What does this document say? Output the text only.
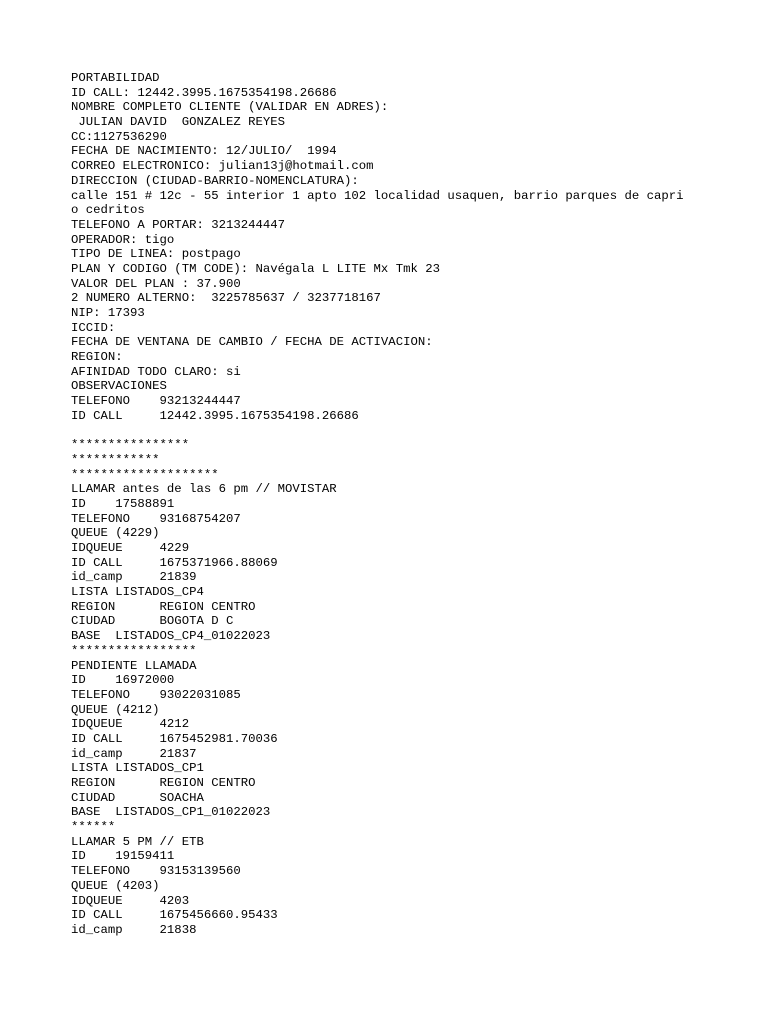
PORTABILIDAD
ID CALL: 12442.3995.1675354198.26686
NOMBRE COMPLETO CLIENTE (VALIDAR EN ADRES):
JULIAN DAVID  GONZALEZ REYES
CC:1127536290
FECHA DE NACIMIENTO: 12/JULIO/  1994
CORREO ELECTRONICO: julian13j@hotmail.com
DIRECCION (CIUDAD-BARRIO-NOMENCLATURA):
calle 151 # 12c - 55 interior 1 apto 102 localidad usaquen, barrio parques de capri
o cedritos
TELEFONO A PORTAR: 3213244447
OPERADOR: tigo
TIPO DE LINEA: postpago
PLAN Y CODIGO (TM CODE): Navégala L LITE Mx Tmk 23
VALOR DEL PLAN : 37.900
2 NUMERO ALTERNO:  3225785637 / 3237718167
NIP: 17393
ICCID:
FECHA DE VENTANA DE CAMBIO / FECHA DE ACTIVACION:
REGION:
AFINIDAD TODO CLARO: si
OBSERVACIONES
TELEFONO    93213244447
ID CALL     12442.3995.1675354198.26686
****************
************
********************
LLAMAR antes de las 6 pm // MOVISTAR
ID    17588891
TELEFONO    93168754207
QUEUE (4229)
IDQUEUE     4229
ID CALL     1675371966.88069
id_camp     21839
LISTA LISTADOS_CP4
REGION      REGION CENTRO
CIUDAD      BOGOTA D C
BASE  LISTADOS_CP4_01022023
*****************
PENDIENTE LLAMADA
ID    16972000
TELEFONO    93022031085
QUEUE (4212)
IDQUEUE     4212
ID CALL     1675452981.70036
id_camp     21837
LISTA LISTADOS_CP1
REGION      REGION CENTRO
CIUDAD      SOACHA
BASE  LISTADOS_CP1_01022023
******
LLAMAR 5 PM // ETB
ID    19159411
TELEFONO    93153139560
QUEUE (4203)
IDQUEUE     4203
ID CALL     1675456660.95433
id_camp     21838
